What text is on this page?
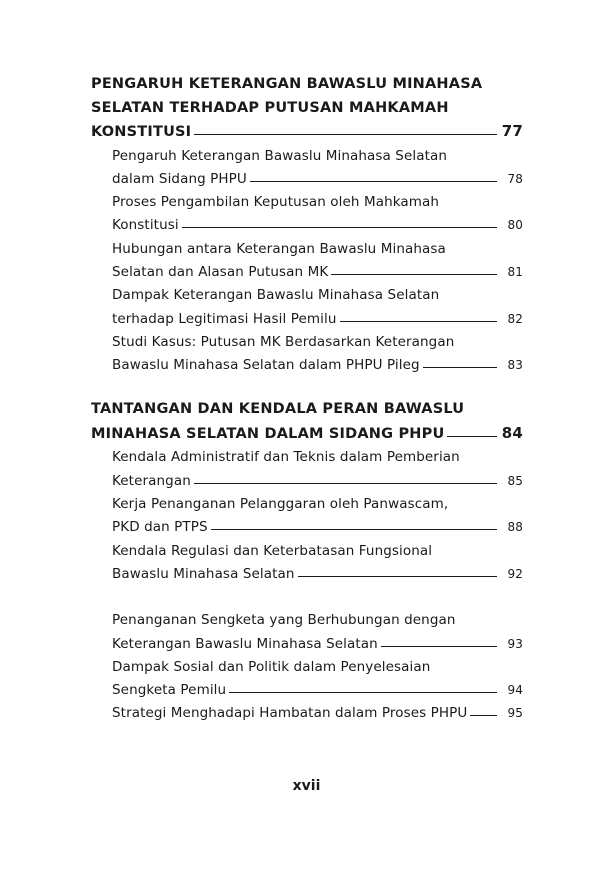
PENGARUH KETERANGAN BAWASLU MINAHASA
SELATAN TERHADAP PUTUSAN MAHKAMAH
KONSTITUSI	77
Pengaruh Keterangan Bawaslu Minahasa Selatan
dalam Sidang PHPU	78
Proses Pengambilan Keputusan oleh Mahkamah
Konstitusi	80
Hubungan antara Keterangan Bawaslu Minahasa
Selatan dan Alasan Putusan MK	81
Dampak Keterangan Bawaslu Minahasa Selatan
terhadap Legitimasi Hasil Pemilu	82
Studi Kasus: Putusan MK Berdasarkan Keterangan
Bawaslu Minahasa Selatan dalam PHPU Pileg	83
TANTANGAN DAN KENDALA PERAN BAWASLU
MINAHASA SELATAN DALAM SIDANG PHPU	84
Kendala Administratif dan Teknis dalam Pemberian
Keterangan	85
Kerja Penanganan Pelanggaran oleh Panwascam,
PKD dan PTPS	88
Kendala Regulasi dan Keterbatasan Fungsional
Bawaslu Minahasa Selatan	92
Penanganan Sengketa yang Berhubungan dengan
Keterangan Bawaslu Minahasa Selatan	93
Dampak Sosial dan Politik dalam Penyelesaian
Sengketa Pemilu	94
Strategi Menghadapi Hambatan dalam Proses PHPU	95
xvii
